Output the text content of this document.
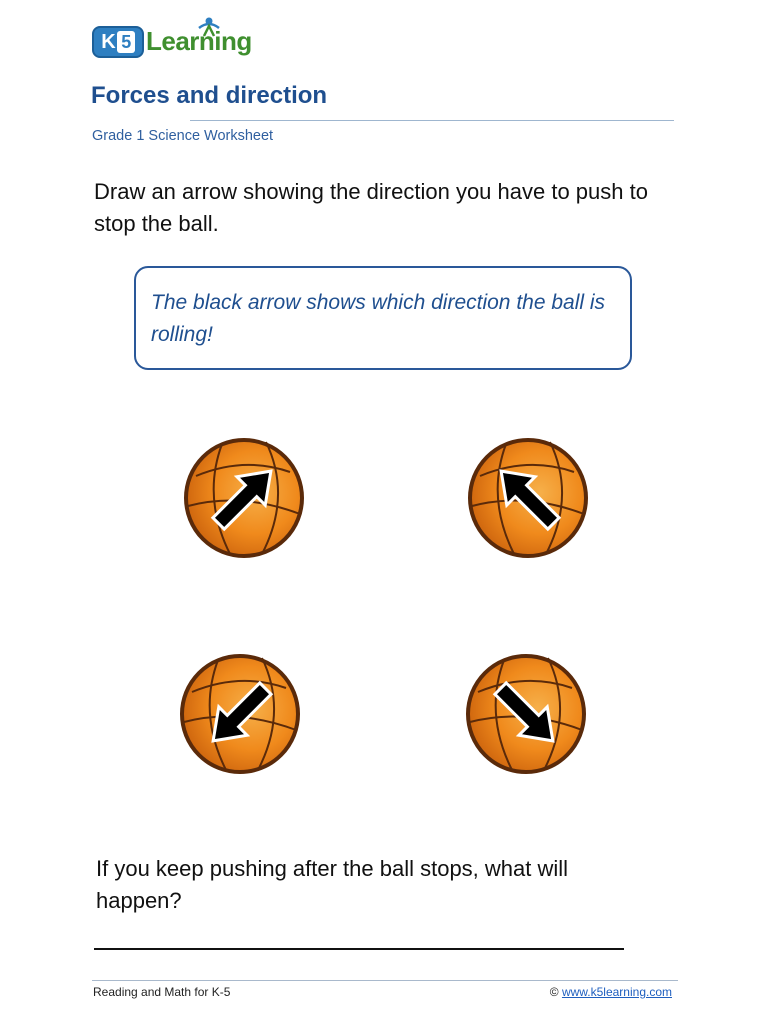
K 5 Learning
Forces and direction
Grade 1 Science Worksheet
Draw an arrow showing the direction you have to push to stop the ball.
The black arrow shows which direction the ball is rolling!
If you keep pushing after the ball stops, what will happen?
Reading and Math for K-5	© www.k5learning.com
